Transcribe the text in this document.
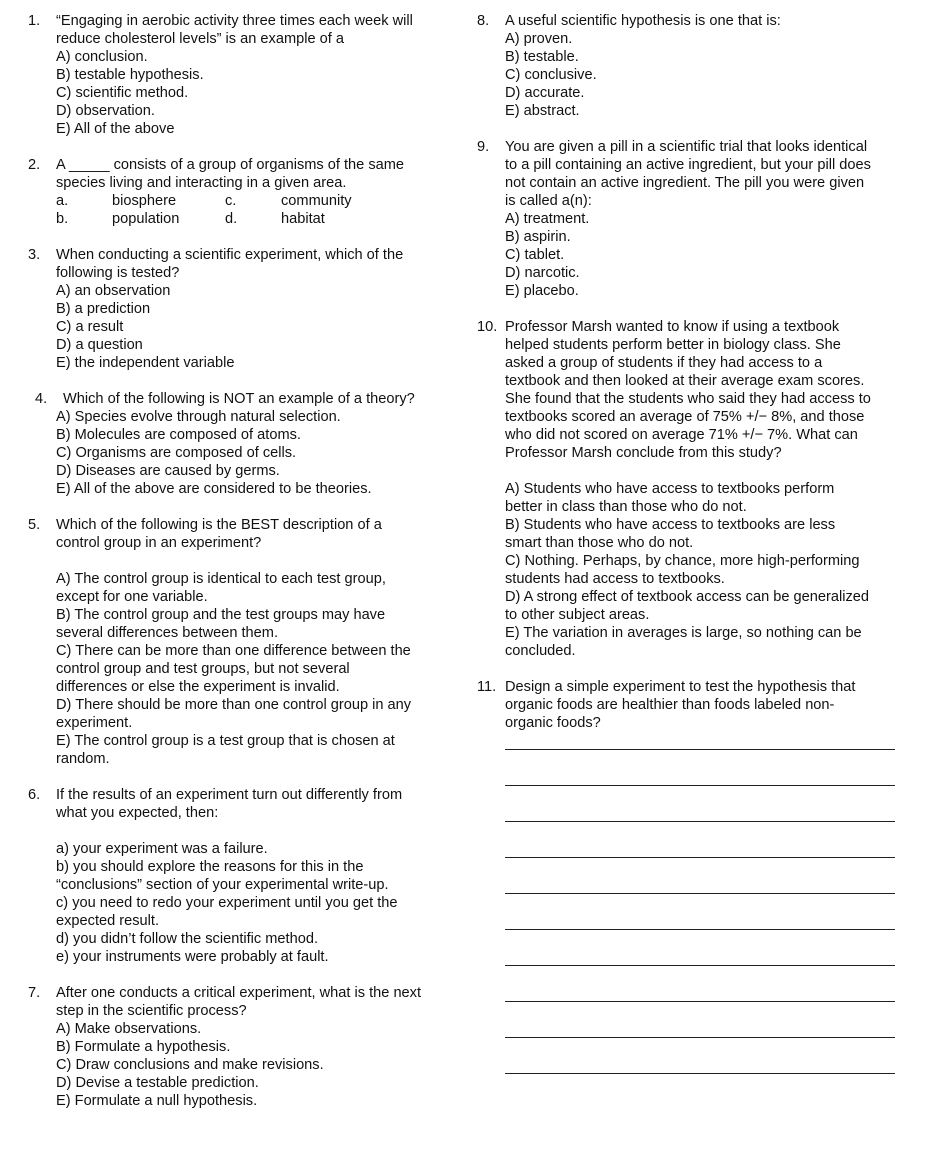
1. “Engaging in aerobic activity three times each week will
reduce cholesterol levels” is an example of a
A) conclusion.
B) testable hypothesis.
C) scientific method.
D) observation.
E) All of the above
2. A _____ consists of a group of organisms of the same
species living and interacting in a given area.
a.	biosphere	c.	community
b.	population	d.	habitat
3. When conducting a scientific experiment, which of the
following is tested?
A) an observation
B) a prediction
C) a result
D) a question
E) the independent variable
4. Which of the following is NOT an example of a theory?
A) Species evolve through natural selection.
B) Molecules are composed of atoms.
C) Organisms are composed of cells.
D) Diseases are caused by germs.
E) All of the above are considered to be theories.
5. Which of the following is the BEST description of a
control group in an experiment?
A) The control group is identical to each test group,
except for one variable.
B) The control group and the test groups may have
several differences between them.
C) There can be more than one difference between the
control group and test groups, but not several
differences or else the experiment is invalid.
D) There should be more than one control group in any
experiment.
E) The control group is a test group that is chosen at
random.
6. If the results of an experiment turn out differently from
what you expected, then:
a) your experiment was a failure.
b) you should explore the reasons for this in the
“conclusions” section of your experimental write-up.
c) you need to redo your experiment until you get the
expected result.
d) you didn’t follow the scientific method.
e) your instruments were probably at fault.
7. After one conducts a critical experiment, what is the next
step in the scientific process?
A) Make observations.
B) Formulate a hypothesis.
C) Draw conclusions and make revisions.
D) Devise a testable prediction.
E) Formulate a null hypothesis.
8. A useful scientific hypothesis is one that is:
A) proven.
B) testable.
C) conclusive.
D) accurate.
E) abstract.
9. You are given a pill in a scientific trial that looks identical
to a pill containing an active ingredient, but your pill does
not contain an active ingredient. The pill you were given
is called a(n):
A) treatment.
B) aspirin.
C) tablet.
D) narcotic.
E) placebo.
10. Professor Marsh wanted to know if using a textbook
helped students perform better in biology class. She
asked a group of students if they had access to a
textbook and then looked at their average exam scores.
She found that the students who said they had access to
textbooks scored an average of 75% +/− 8%, and those
who did not scored on average 71% +/− 7%. What can
Professor Marsh conclude from this study?
A) Students who have access to textbooks perform
better in class than those who do not.
B) Students who have access to textbooks are less
smart than those who do not.
C) Nothing. Perhaps, by chance, more high-performing
students had access to textbooks.
D) A strong effect of textbook access can be generalized
to other subject areas.
E) The variation in averages is large, so nothing can be
concluded.
11. Design a simple experiment to test the hypothesis that
organic foods are healthier than foods labeled non-
organic foods?
